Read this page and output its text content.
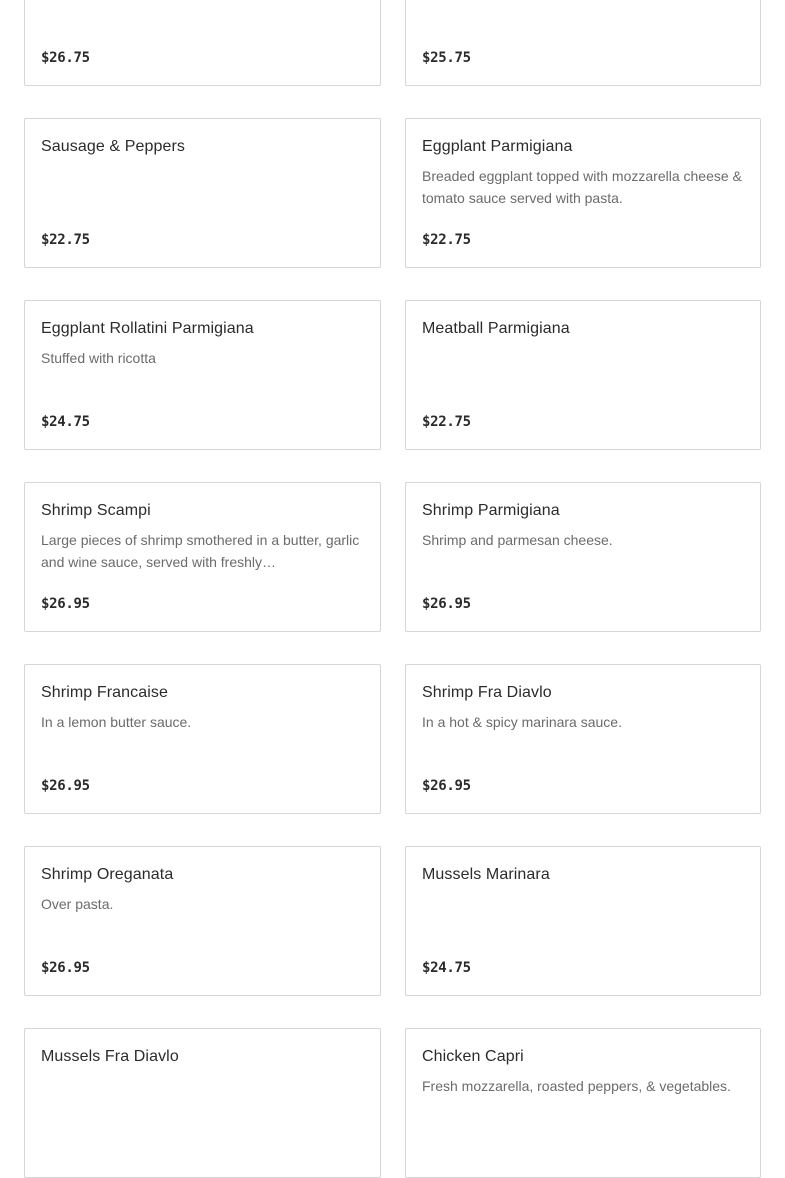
$26.75	$25.75
Sausage & Peppers
$22.75
Eggplant Parmigiana
Breaded eggplant topped with mozzarella cheese & tomato sauce served with pasta.
$22.75
Eggplant Rollatini Parmigiana
Stuffed with ricotta
$24.75
Meatball Parmigiana
$22.75
Shrimp Scampi
Large pieces of shrimp smothered in a butter, garlic and wine sauce, served with freshly…
$26.95
Shrimp Parmigiana
Shrimp and parmesan cheese.
$26.95
Shrimp Francaise
In a lemon butter sauce.
$26.95
Shrimp Fra Diavlo
In a hot & spicy marinara sauce.
$26.95
Shrimp Oreganata
Over pasta.
$26.95
Mussels Marinara
$24.75
Mussels Fra Diavlo	Chicken Capri
Fresh mozzarella, roasted peppers, & vegetables.
